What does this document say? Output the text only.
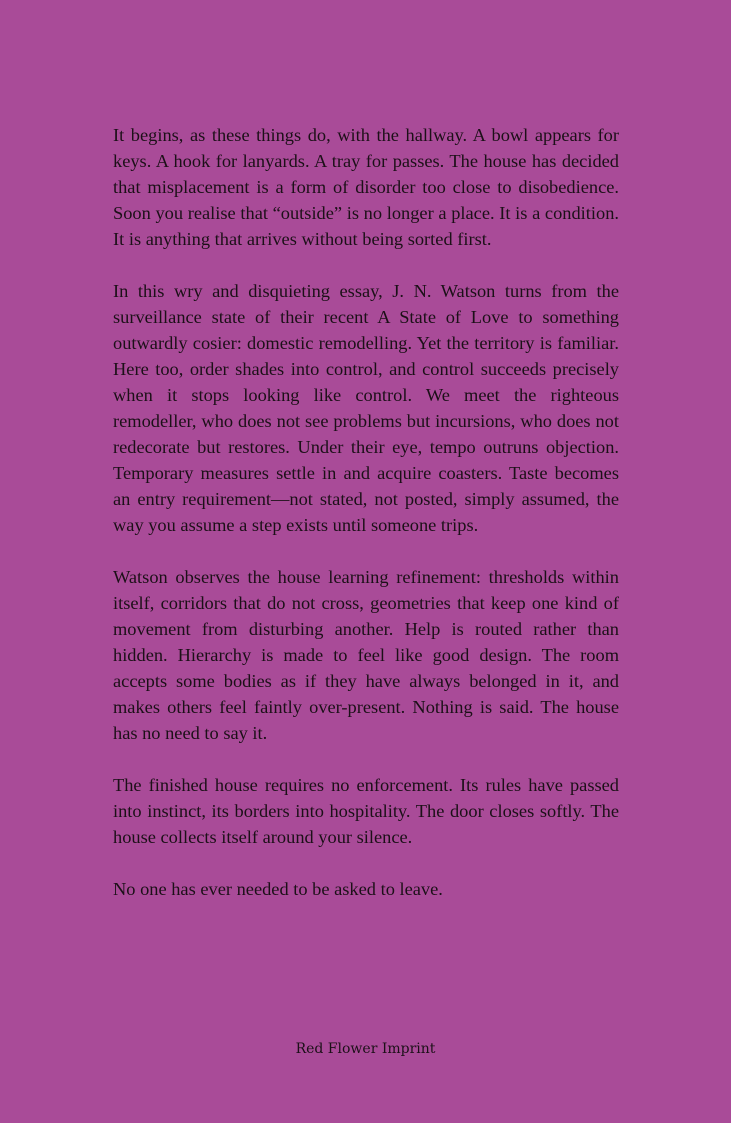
It begins, as these things do, with the hallway. A bowl appears for keys. A hook for lanyards. A tray for passes. The house has decided that misplacement is a form of disorder too close to disobedience. Soon you realise that “outside” is no longer a place. It is a condition. It is anything that arrives without being sorted first.

In this wry and disquieting essay, J. N. Watson turns from the surveillance state of their recent A State of Love to something outwardly cosier: domestic remodelling. Yet the territory is familiar. Here too, order shades into control, and control succeeds precisely when it stops looking like control. We meet the righteous remodeller, who does not see problems but incursions, who does not redecorate but restores. Under their eye, tempo outruns objection. Temporary measures settle in and acquire coasters. Taste becomes an entry requirement—not stated, not posted, simply assumed, the way you assume a step exists until someone trips.

Watson observes the house learning refinement: thresholds within itself, corridors that do not cross, geometries that keep one kind of movement from disturbing another. Help is routed rather than hidden. Hierarchy is made to feel like good design. The room accepts some bodies as if they have always belonged in it, and makes others feel faintly over-present. Nothing is said. The house has no need to say it.

The finished house requires no enforcement. Its rules have passed into instinct, its borders into hospitality. The door closes softly. The house collects itself around your silence.

No one has ever needed to be asked to leave.

Red Flower Imprint
